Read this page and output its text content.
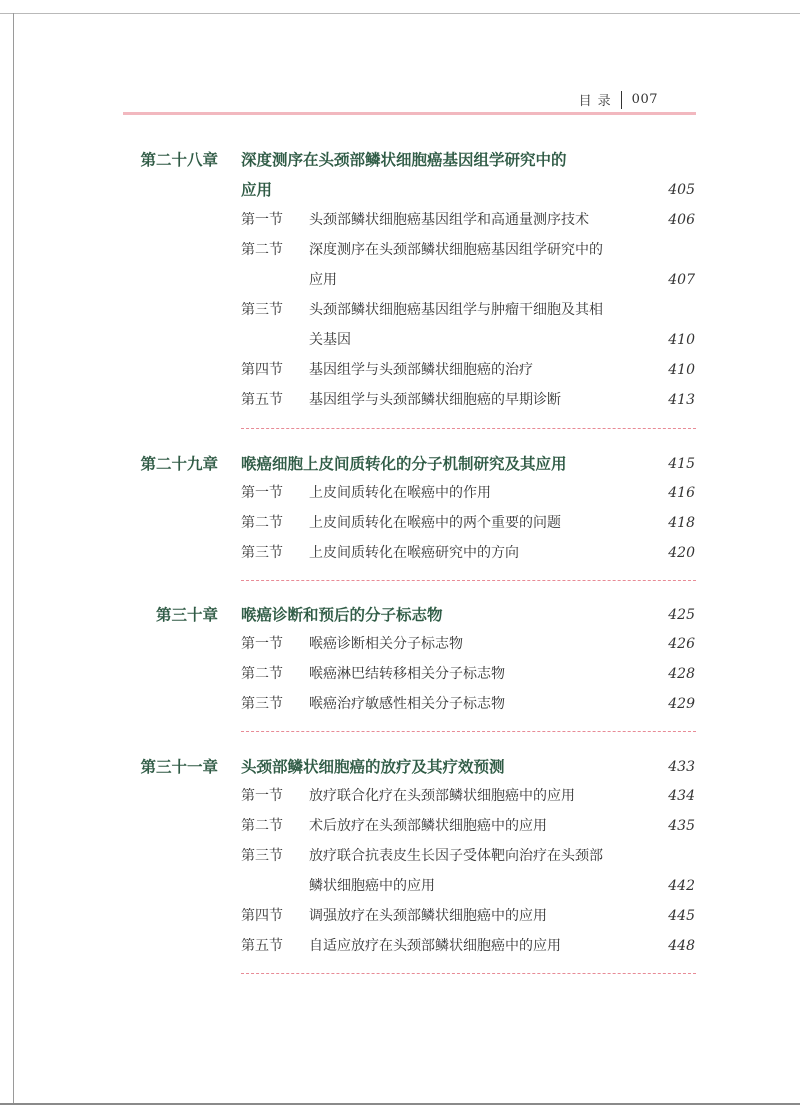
目录 007
第二十八章 深度测序在头颈部鳞状细胞癌基因组学研究中的
应用	405
第一节 头颈部鳞状细胞癌基因组学和高通量测序技术	406
第二节 深度测序在头颈部鳞状细胞癌基因组学研究中的
应用	407
第三节 头颈部鳞状细胞癌基因组学与肿瘤干细胞及其相
关基因	410
第四节 基因组学与头颈部鳞状细胞癌的治疗	410
第五节 基因组学与头颈部鳞状细胞癌的早期诊断	413
第二十九章 喉癌细胞上皮间质转化的分子机制研究及其应用	415
第一节 上皮间质转化在喉癌中的作用	416
第二节 上皮间质转化在喉癌中的两个重要的问题	418
第三节 上皮间质转化在喉癌研究中的方向	420
第三十章 喉癌诊断和预后的分子标志物	425
第一节 喉癌诊断相关分子标志物	426
第二节 喉癌淋巴结转移相关分子标志物	428
第三节 喉癌治疗敏感性相关分子标志物	429
第三十一章 头颈部鳞状细胞癌的放疗及其疗效预测	433
第一节 放疗联合化疗在头颈部鳞状细胞癌中的应用	434
第二节 术后放疗在头颈部鳞状细胞癌中的应用	435
第三节 放疗联合抗表皮生长因子受体靶向治疗在头颈部
鳞状细胞癌中的应用	442
第四节 调强放疗在头颈部鳞状细胞癌中的应用	445
第五节 自适应放疗在头颈部鳞状细胞癌中的应用	448
